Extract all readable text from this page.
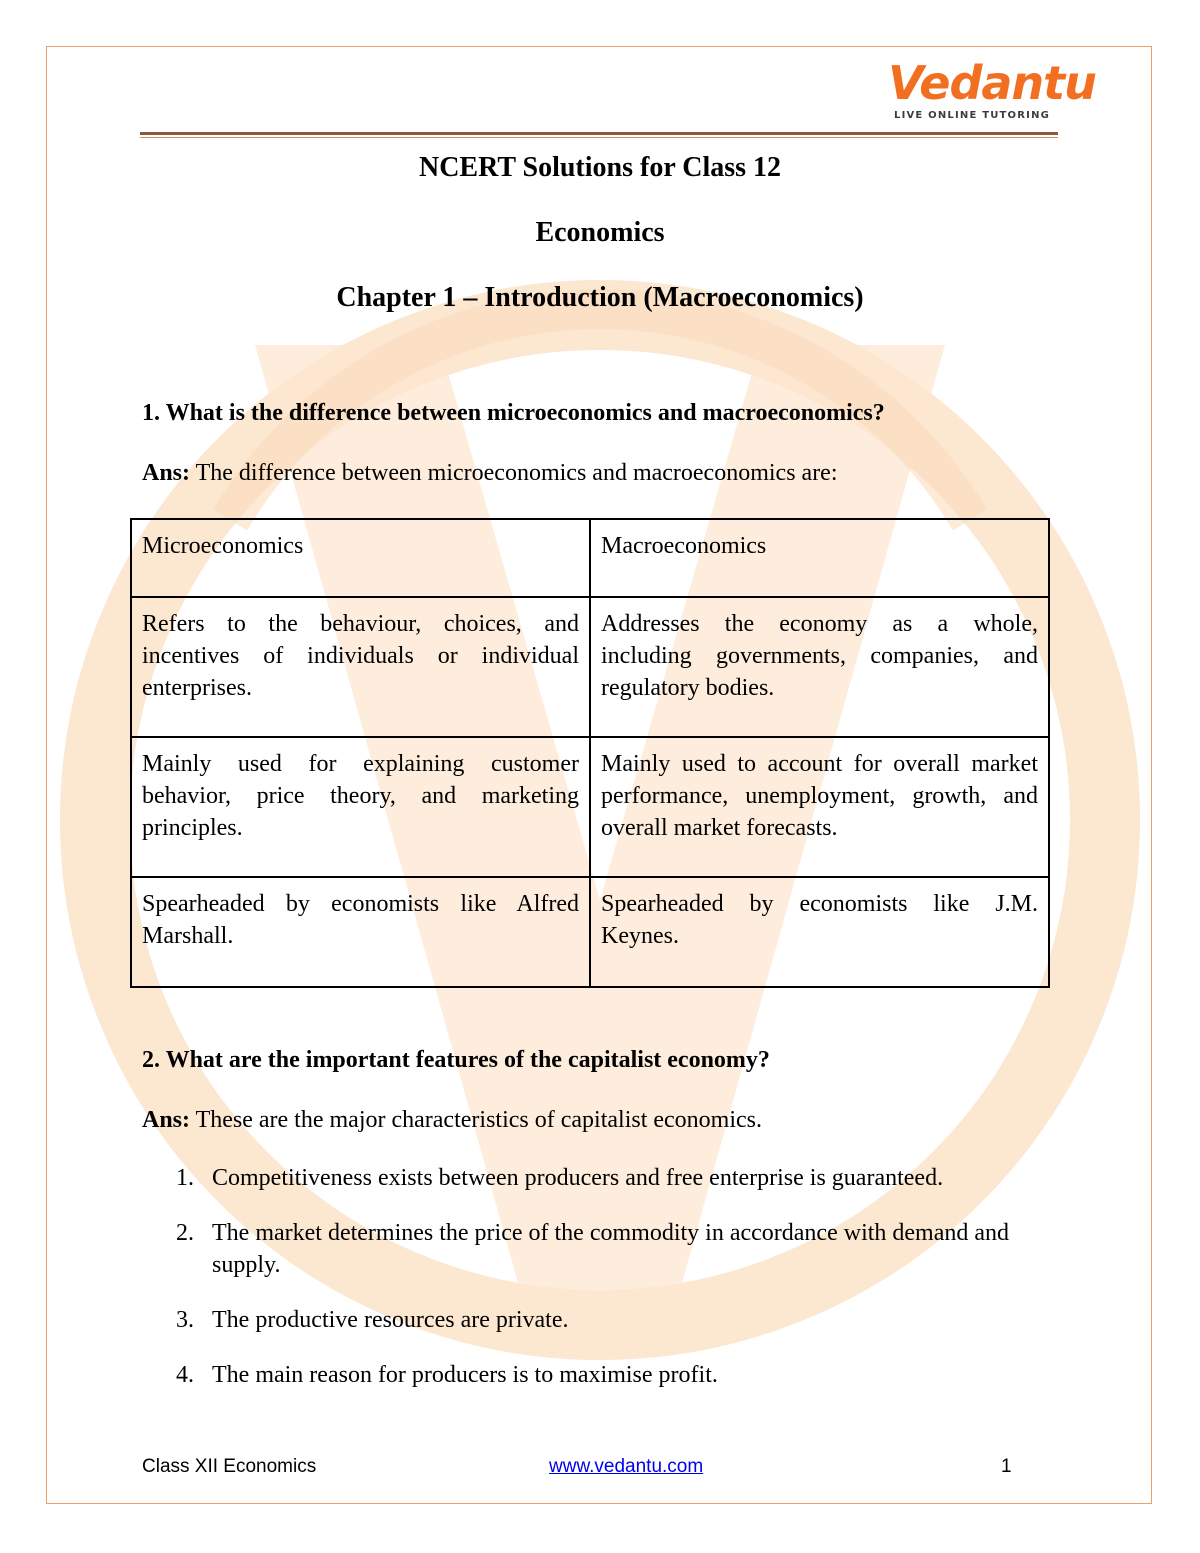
Vedantu
LIVE ONLINE TUTORING
NCERT Solutions for Class 12
Economics
Chapter 1 – Introduction (Macroeconomics)
1. What is the difference between microeconomics and macroeconomics?
Ans: The difference between microeconomics and macroeconomics are:
Microeconomics	Macroeconomics
Refers to the behaviour, choices, and incentives of individuals or individual enterprises.	Addresses the economy as a whole, including governments, companies, and regulatory bodies.
Mainly used for explaining customer behavior, price theory, and marketing principles.	Mainly used to account for overall market performance, unemployment, growth, and overall market forecasts.
Spearheaded by economists like Alfred Marshall.	Spearheaded by economists like J.M. Keynes.
2. What are the important features of the capitalist economy?
Ans: These are the major characteristics of capitalist economics.
1. Competitiveness exists between producers and free enterprise is guaranteed.
2. The market determines the price of the commodity in accordance with demand and supply.
3. The productive resources are private.
4. The main reason for producers is to maximise profit.
Class XII Economics	www.vedantu.com	1
